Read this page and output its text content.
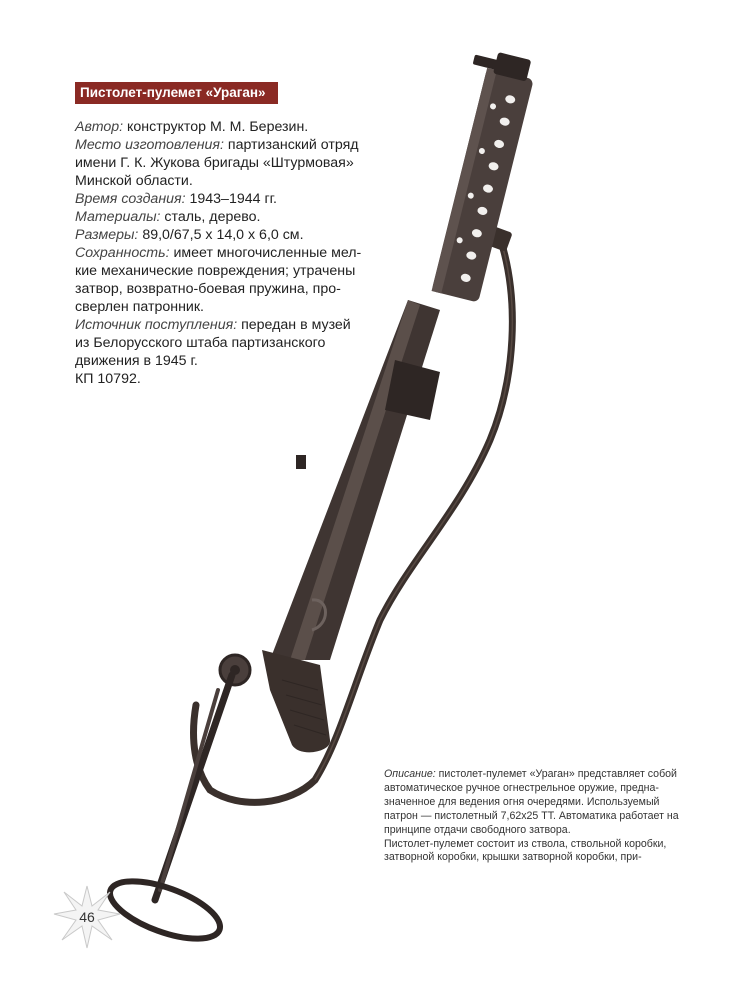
Пистолет-пулемет «Ураган»

Автор: конструктор М. М. Березин.

Место изготовления: партизанский отряд

имени Г. К. Жукова бригады «Штурмовая»

Минской области.

Время создания: 1943–1944 гг.

Материалы: сталь, дерево.

Размеры: 89,0/67,5 х 14,0 х 6,0 см.

Сохранность: имеет многочисленные мел-

кие механические повреждения; утрачены

затвор, возвратно-боевая пружина, про-

сверлен патронник.

Источник поступления: передан в музей

из Белорусского штаба партизанского

движения в 1945 г.

КП 10792.

46

Описание: пистолет-пулемет «Ураган» представляет собой

автоматическое ручное огнестрельное оружие, предна-

значенное для ведения огня очередями. Используемый

патрон — пистолетный 7,62х25 ТТ. Автоматика работает на

принципе отдачи свободного затвора.

Пистолет-пулемет состоит из ствола, ствольной коробки,

затворной коробки, крышки затворной коробки, при-
